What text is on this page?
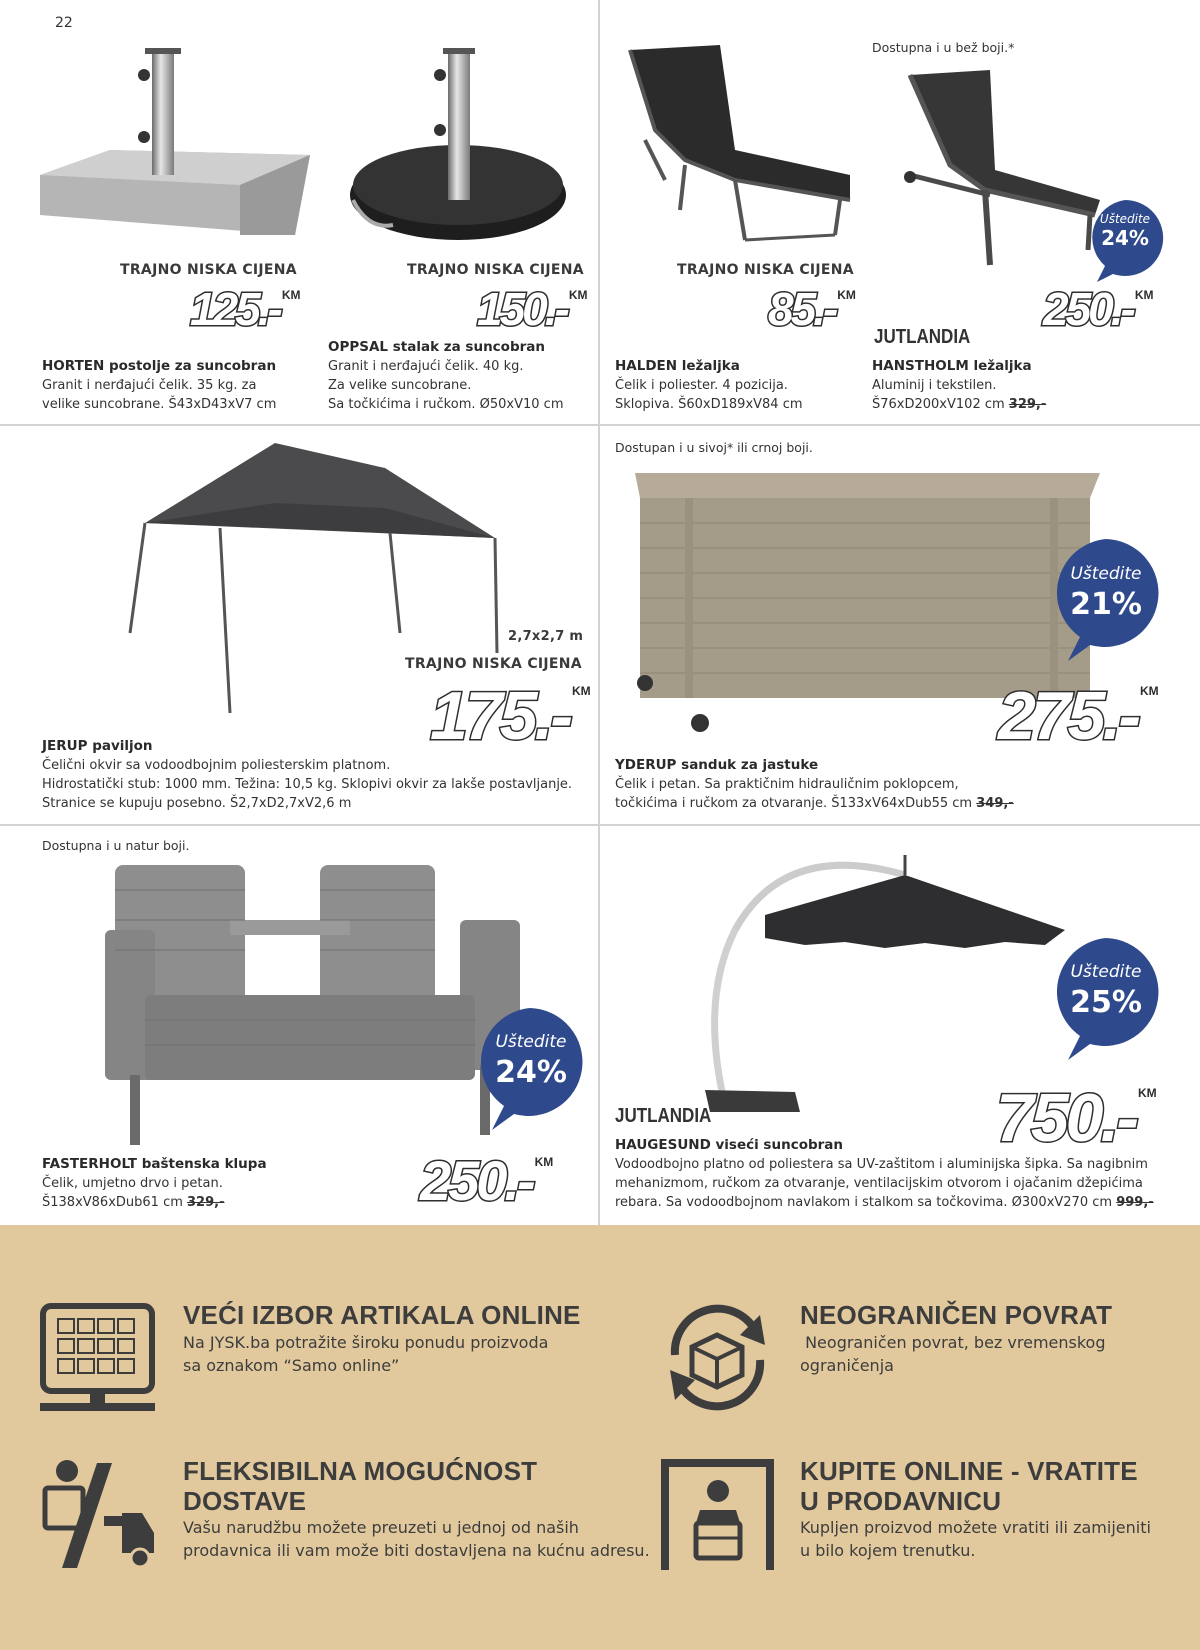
22
TRAJNO NISKA CIJENA
125.- KM
HORTEN postolje za suncobran
Granit i nerđajući čelik. 35 kg. za
velike suncobrane. Š43xD43xV7 cm
TRAJNO NISKA CIJENA
150.- KM
OPPSAL stalak za suncobran
Granit i nerđajući čelik. 40 kg.
Za velike suncobrane.
Sa točkićima i ručkom. Ø50xV10 cm
TRAJNO NISKA CIJENA
85.- KM
HALDEN ležaljka
Čelik i poliester. 4 pozicija.
Sklopiva. Š60xD189xV84 cm
Dostupna i u bež boji.*
Uštedite
24%
250.- KM
JUTLANDIA
HANSTHOLM ležaljka
Aluminij i tekstilen.
Š76xD200xV102 cm 329,-
2,7x2,7 m
TRAJNO NISKA CIJENA
175.- KM
JERUP paviljon
Čelični okvir sa vodoodbojnim poliesterskim platnom.
Hidrostatički stub: 1000 mm. Težina: 10,5 kg. Sklopivi okvir za lakše postavljanje.
Stranice se kupuju posebno. Š2,7xD2,7xV2,6 m
Dostupan i u sivoj* ili crnoj boji.
Uštedite
21%
275.- KM
YDERUP sanduk za jastuke
Čelik i petan. Sa praktičnim hidrauličnim poklopcem,
točkićima i ručkom za otvaranje. Š133xV64xDub55 cm 349,-
Dostupna i u natur boji.
Uštedite
24%
250.- KM
FASTERHOLT baštenska klupa
Čelik, umjetno drvo i petan.
Š138xV86xDub61 cm 329,-
Uštedite
25%
750.- KM
JUTLANDIA
HAUGESUND viseći suncobran
Vodoodbojno platno od poliestera sa UV-zaštitom i aluminijska šipka. Sa nagibnim
mehanizmom, ručkom za otvaranje, ventilacijskim otvorom i ojačanim džepićima
rebara. Sa vodoodbojnom navlakom i stalkom sa točkovima. Ø300xV270 cm 999,-
VEĆI IZBOR ARTIKALA ONLINE
Na JYSK.ba potražite široku ponudu proizvoda
sa oznakom “Samo online”
NEOGRANIČEN POVRAT
Neograničen povrat, bez vremenskog
ograničenja
FLEKSIBILNA MOGUĆNOST
DOSTAVE
Vašu narudžbu možete preuzeti u jednoj od naših
prodavnica ili vam može biti dostavljena na kućnu adresu.
KUPITE ONLINE - VRATITE
U PRODAVNICU
Kupljen proizvod možete vratiti ili zamijeniti
u bilo kojem trenutku.
